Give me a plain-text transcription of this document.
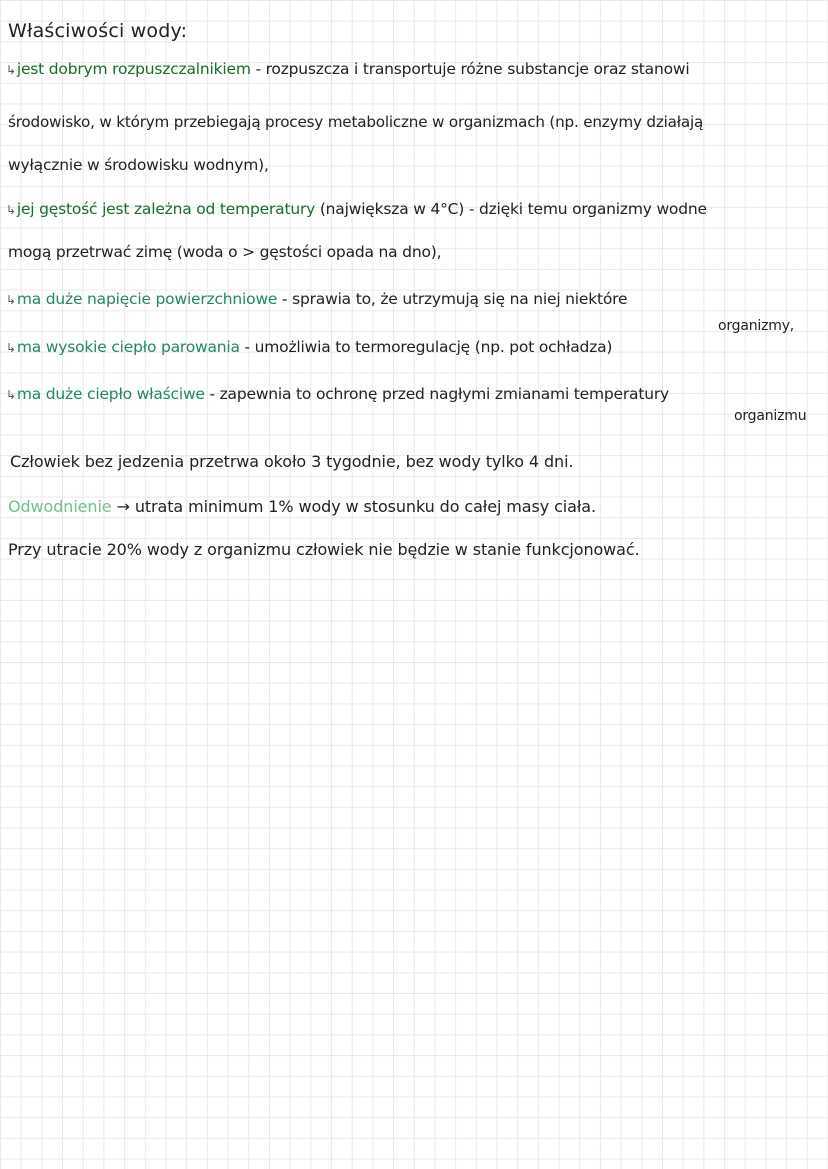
Właściwości wody:
↳jest dobrym rozpuszczalnikiem - rozpuszcza i transportuje różne substancje oraz stanowi
środowisko, w którym przebiegają procesy metaboliczne w organizmach (np. enzymy działają
wyłącznie w środowisku wodnym),
↳jej gęstość jest zależna od temperatury (największa w 4°C) - dzięki temu organizmy wodne
mogą przetrwać zimę (woda o > gęstości opada na dno),
↳ma duże napięcie powierzchniowe - sprawia to, że utrzymują się na niej niektóre
organizmy,
↳ma wysokie ciepło parowania - umożliwia to termoregulację (np. pot ochładza)
↳ma duże ciepło właściwe - zapewnia to ochronę przed nagłymi zmianami temperatury
organizmu
Człowiek bez jedzenia przetrwa około 3 tygodnie, bez wody tylko 4 dni.
Odwodnienie → utrata minimum 1% wody w stosunku do całej masy ciała.
Przy utracie 20% wody z organizmu człowiek nie będzie w stanie funkcjonować.
